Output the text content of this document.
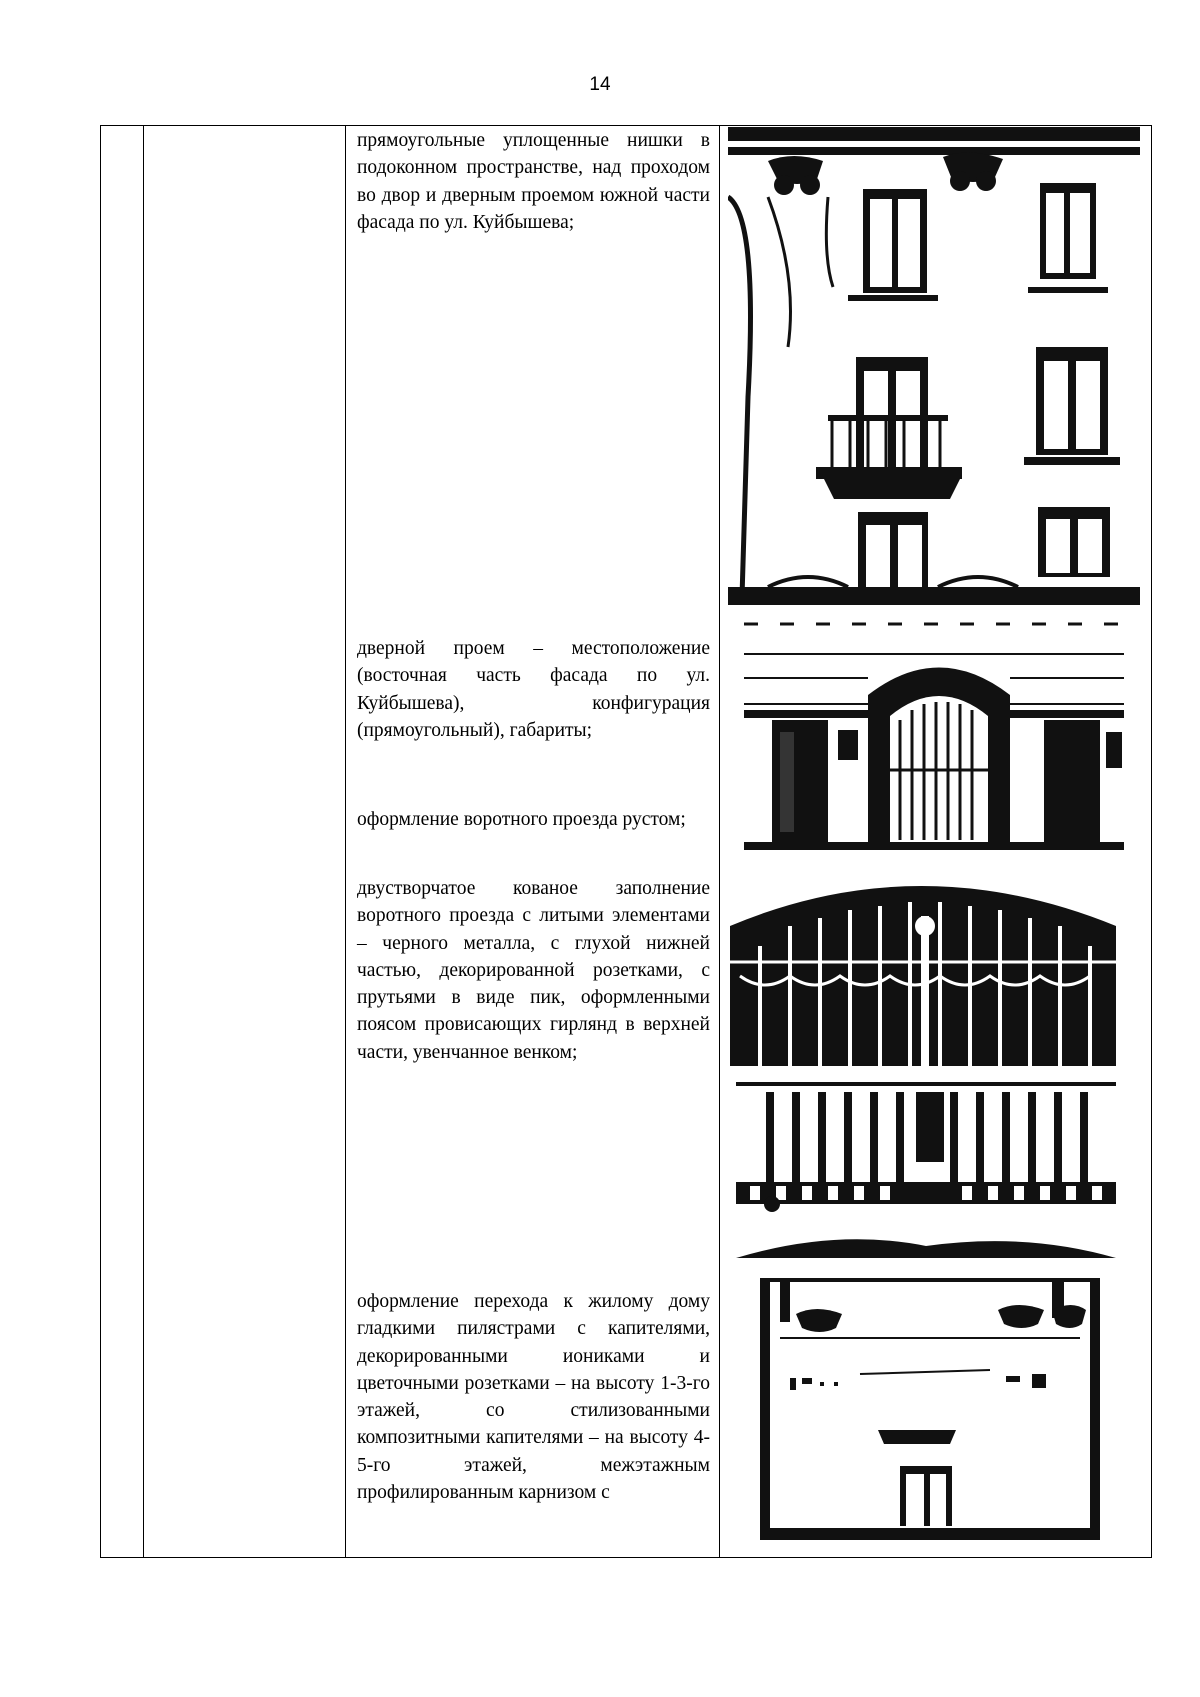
14
прямоугольные уплощенные нишки в подоконном пространстве, над проходом во двор и дверным проемом южной части фасада по ул. Куйбышева;
дверной проем – местоположение (восточная часть фасада по ул. Куйбышева), конфигурация (прямоугольный), габариты;
оформление воротного проезда рустом;
двустворчатое кованое заполнение воротного проезда с литыми элементами – черного металла, с глухой нижней частью, декорированной розетками, с прутьями в виде пик, оформленными поясом провисающих гирлянд в верхней части, увенчанное венком;
оформление перехода к жилому дому гладкими пилястрами с капителями, декорированными иониками и цветочными розетками – на высоту 1-3-го этажей, со стилизованными композитными капителями – на высоту 4-5-го этажей, межэтажным профилированным карнизом с
